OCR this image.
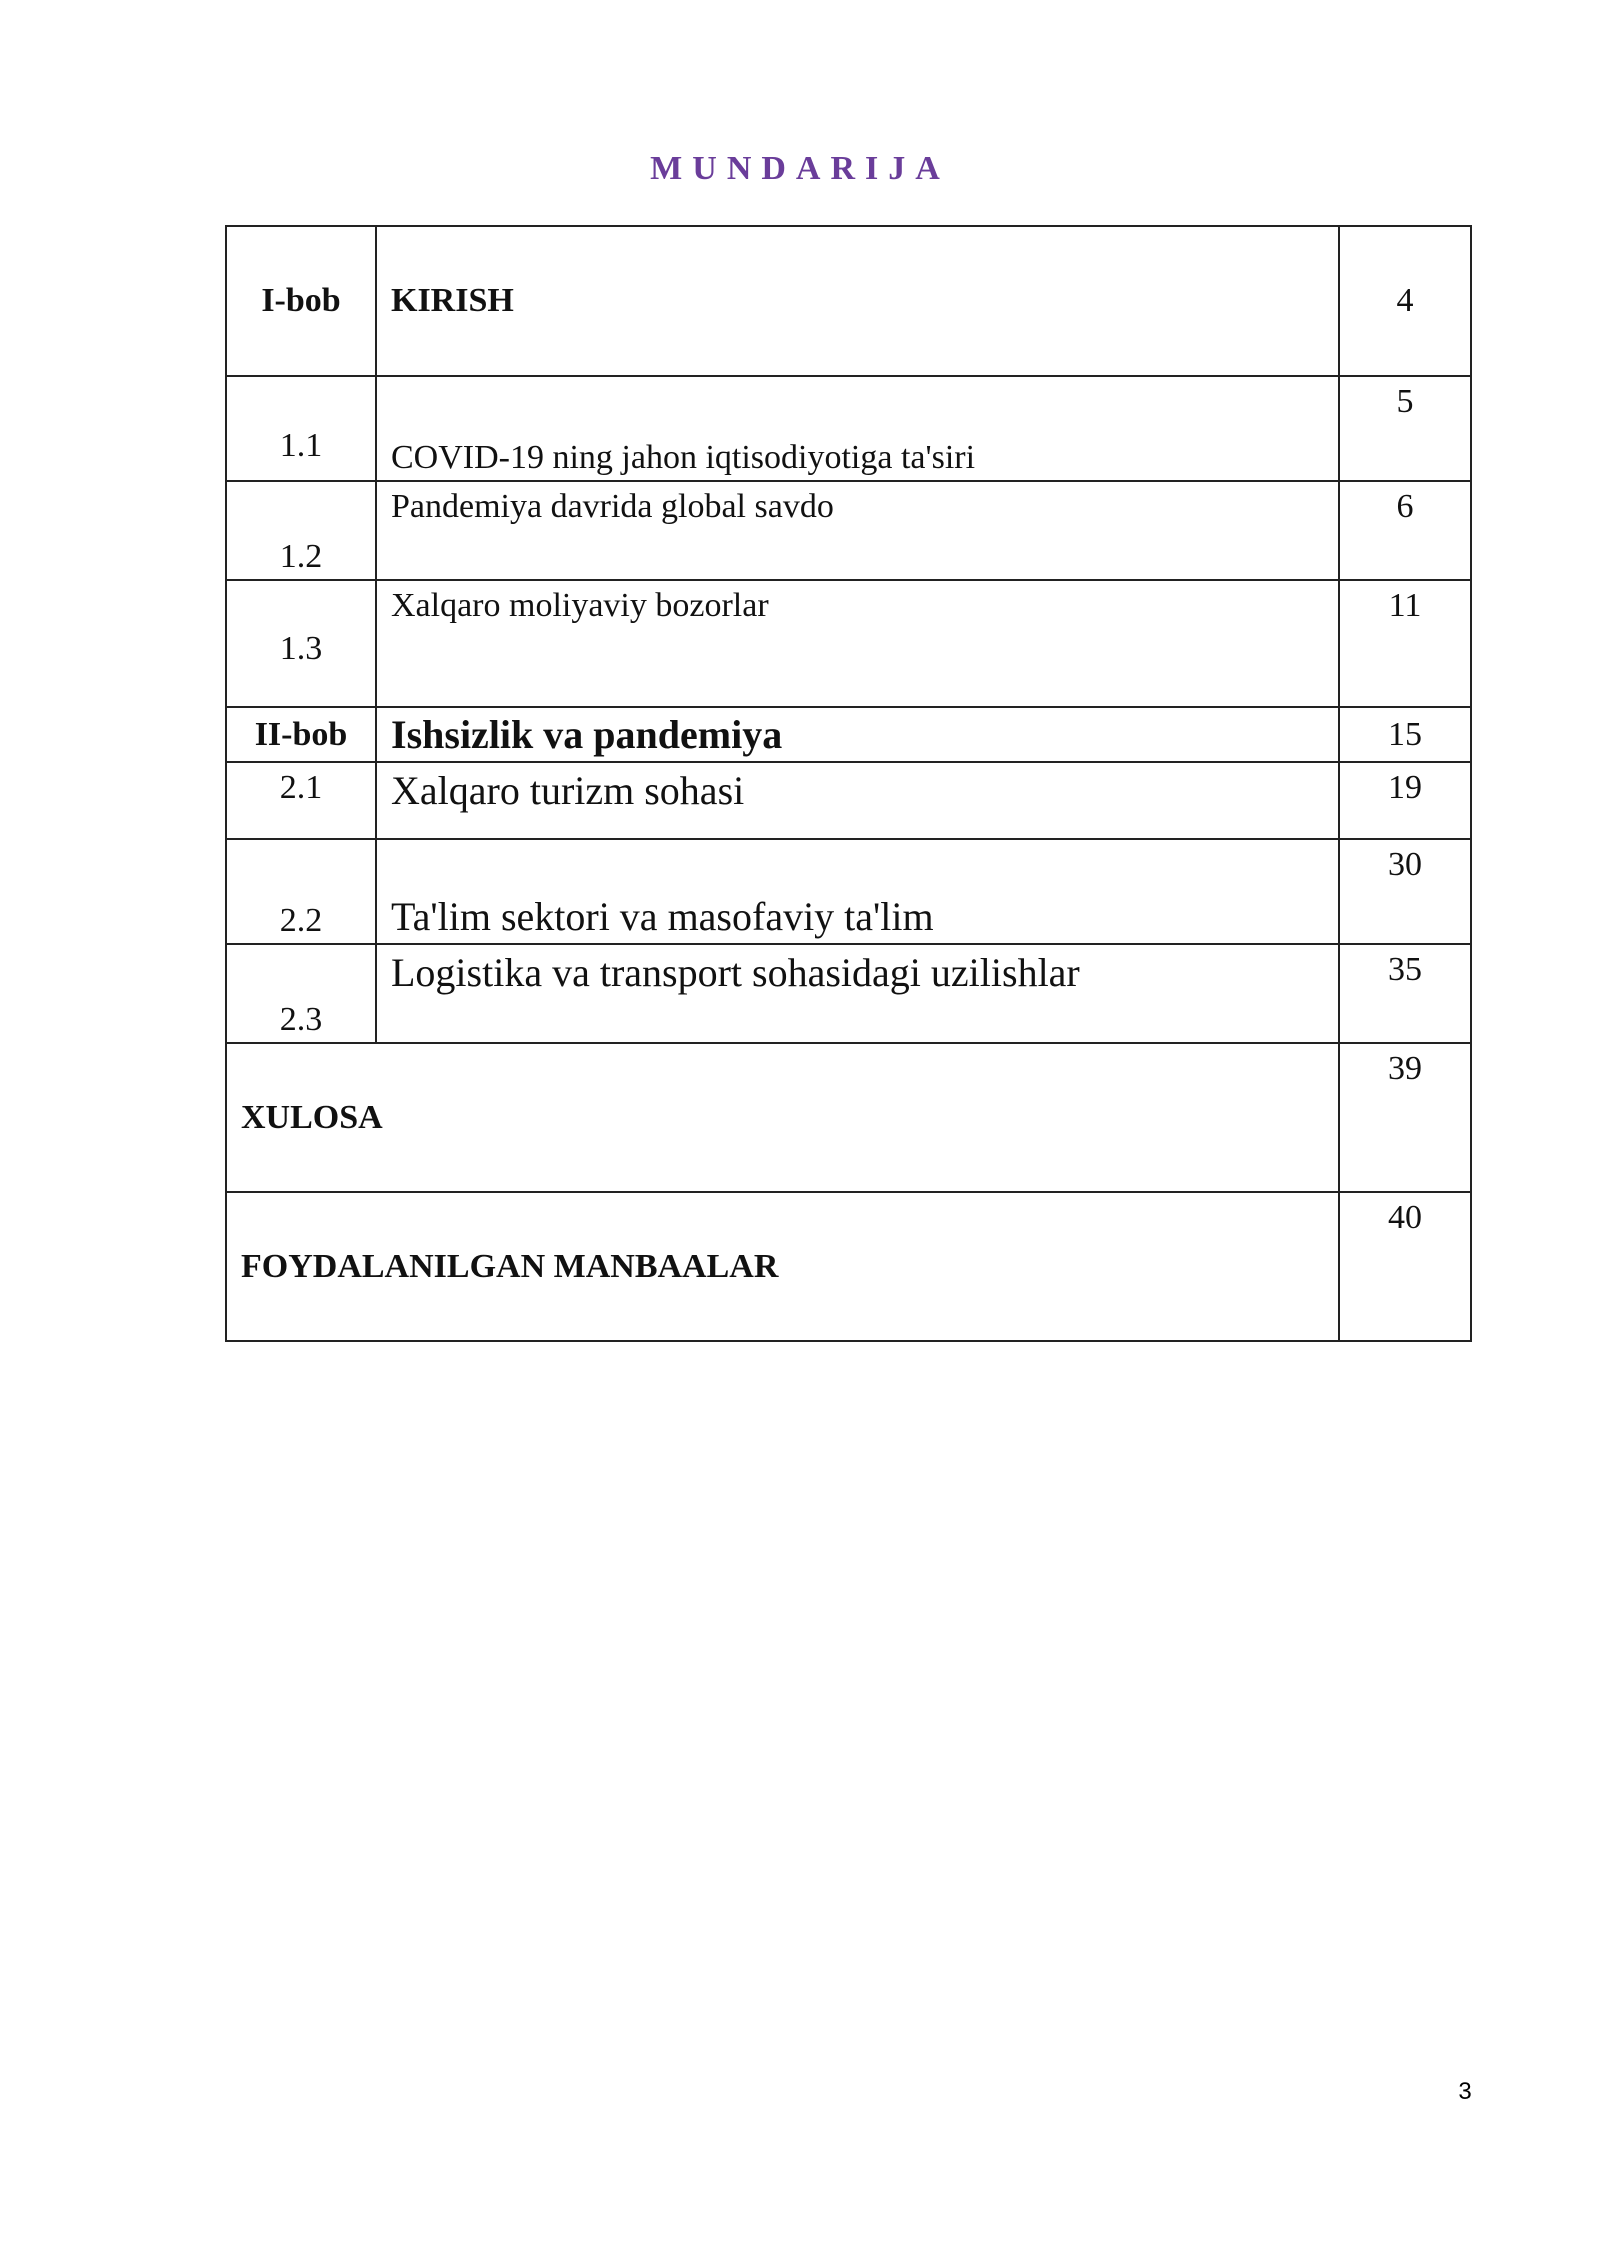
MUNDARIJA
I-bob	KIRISH	4
1.1	COVID-19 ning jahon iqtisodiyotiga ta'siri	5
1.2	Pandemiya davrida global savdo	6
1.3	Xalqaro moliyaviy bozorlar	11
II-bob	Ishsizlik va pandemiya	15
2.1	Xalqaro turizm sohasi	19
2.2	Ta'lim sektori va masofaviy ta'lim	30
2.3	Logistika va transport sohasidagi uzilishlar	35
XULOSA		39
FOYDALANILGAN MANBAALAR		40
3
